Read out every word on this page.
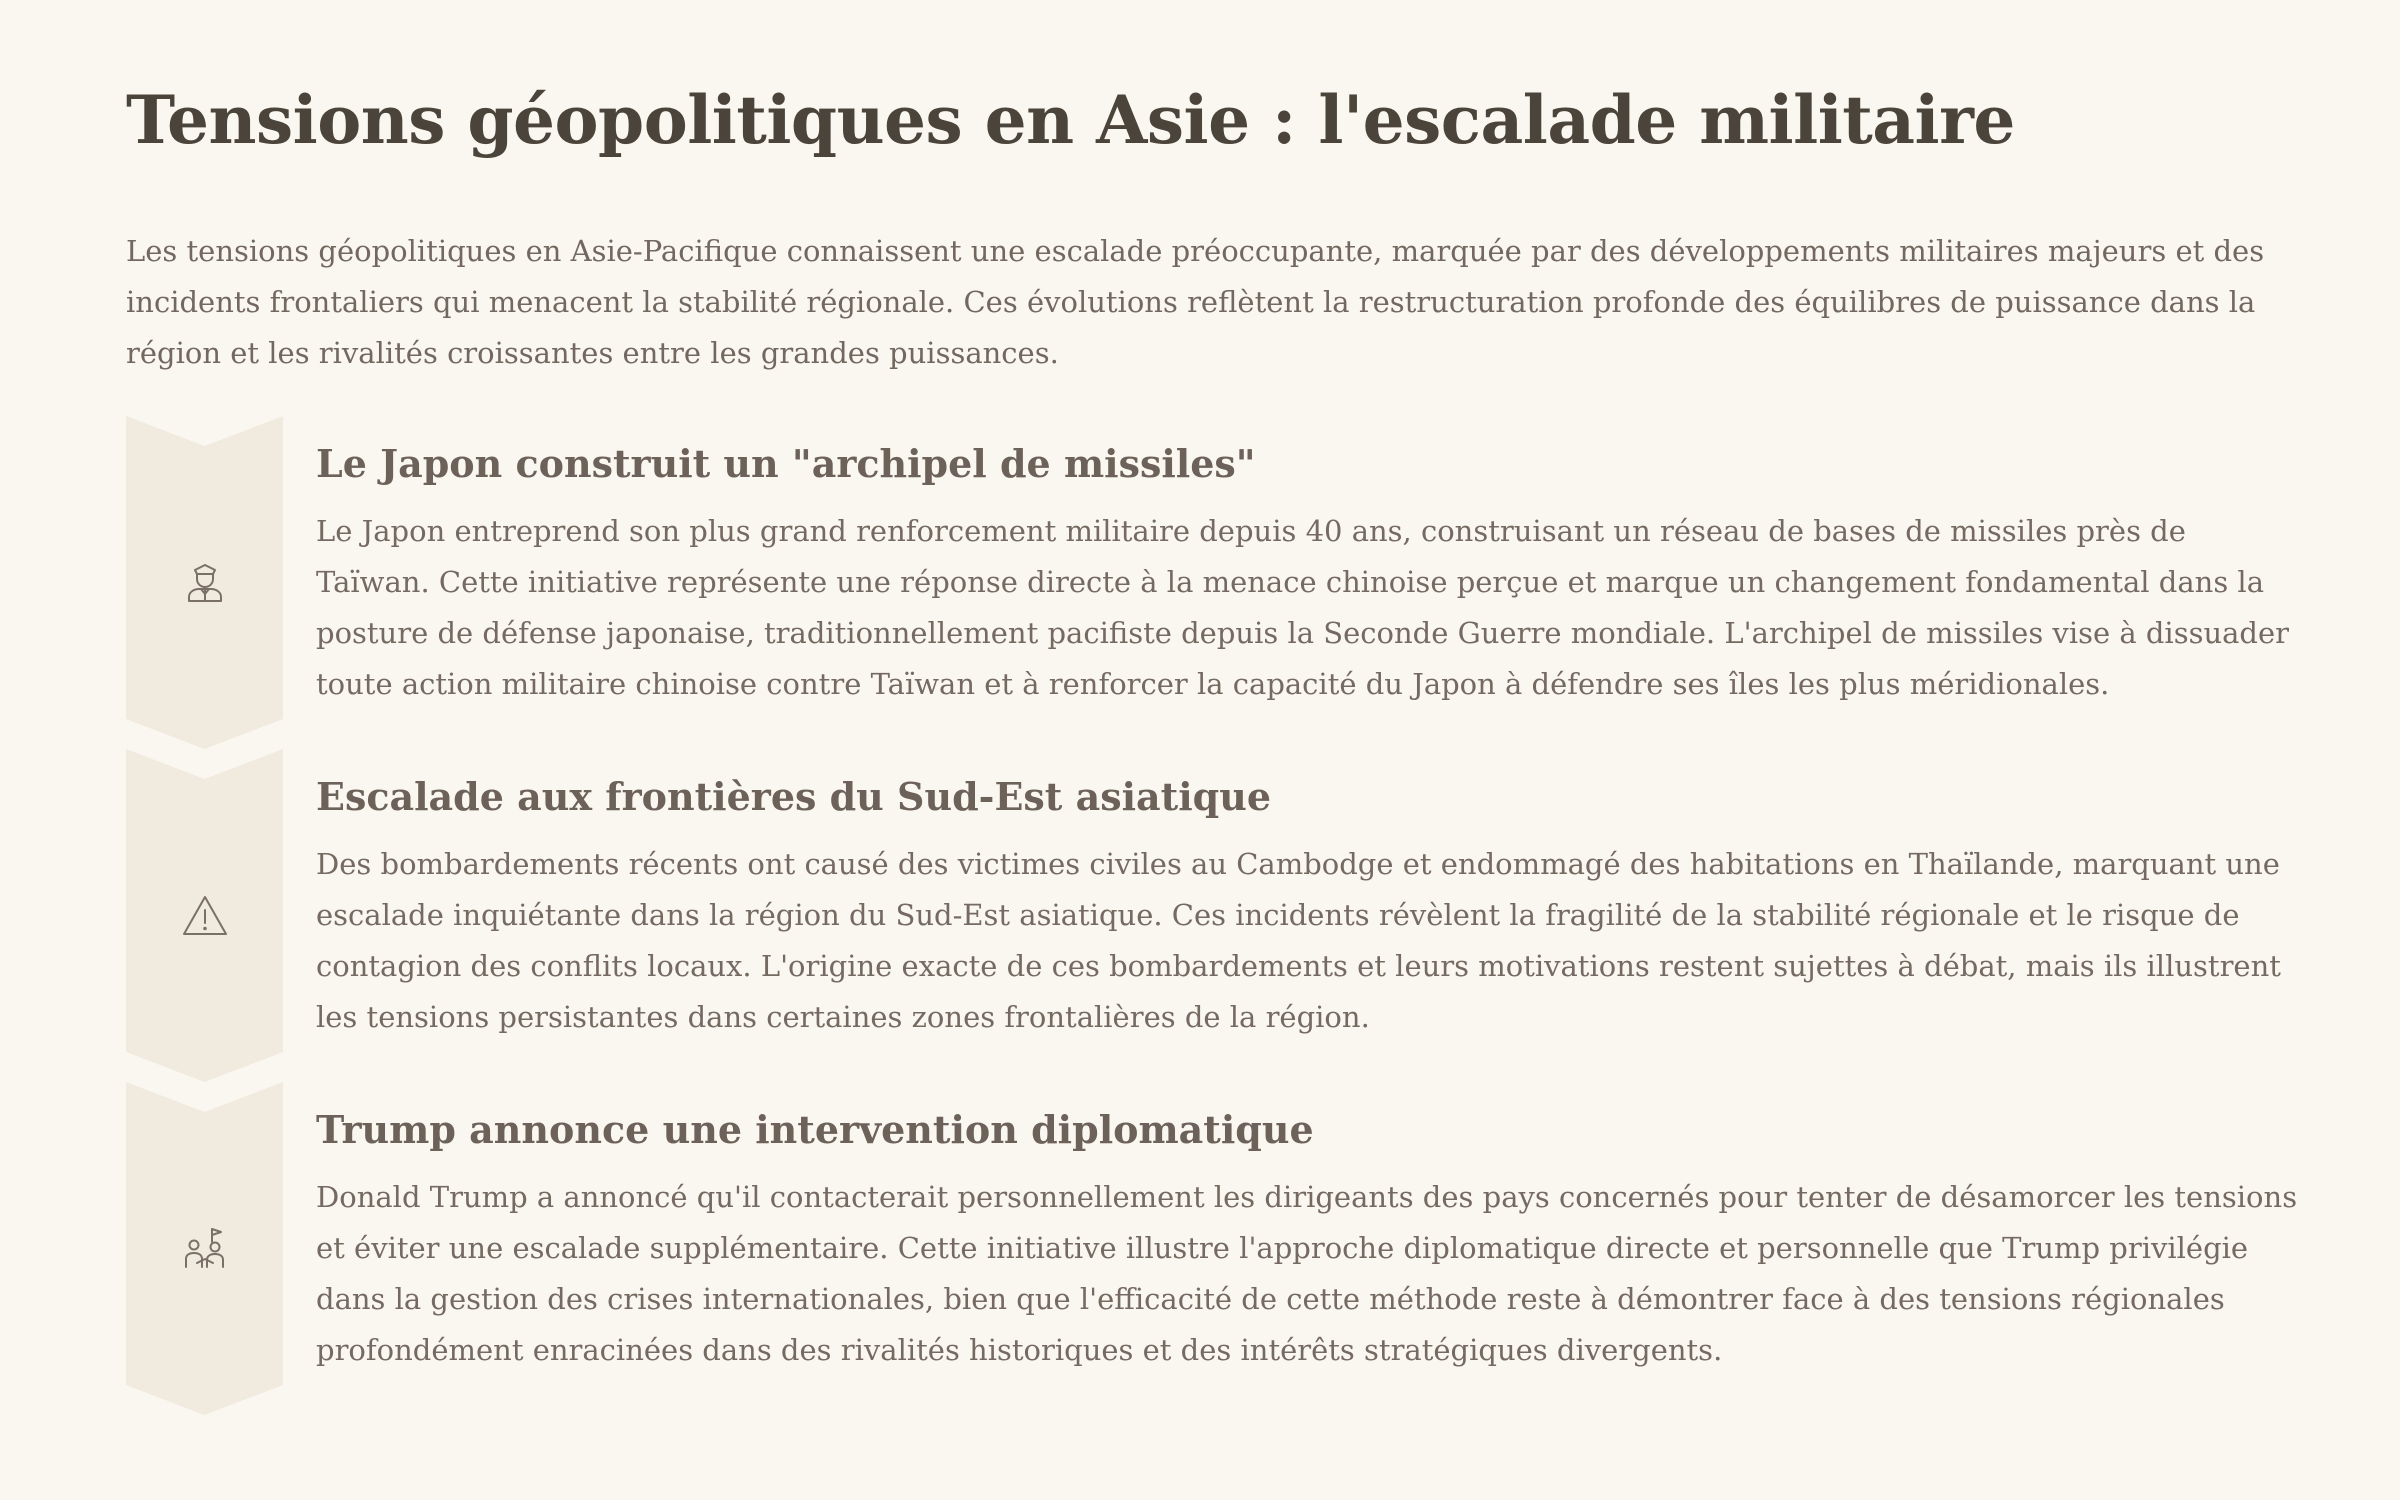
Tensions géopolitiques en Asie : l'escalade militaire

Les tensions géopolitiques en Asie-Pacifique connaissent une escalade préoccupante, marquée par des développements militaires majeurs et des incidents frontaliers qui menacent la stabilité régionale. Ces évolutions reflètent la restructuration profonde des équilibres de puissance dans la région et les rivalités croissantes entre les grandes puissances.

Le Japon construit un "archipel de missiles"

Le Japon entreprend son plus grand renforcement militaire depuis 40 ans, construisant un réseau de bases de missiles près de Taïwan. Cette initiative représente une réponse directe à la menace chinoise perçue et marque un changement fondamental dans la posture de défense japonaise, traditionnellement pacifiste depuis la Seconde Guerre mondiale. L'archipel de missiles vise à dissuader toute action militaire chinoise contre Taïwan et à renforcer la capacité du Japon à défendre ses îles les plus méridionales.

Escalade aux frontières du Sud-Est asiatique

Des bombardements récents ont causé des victimes civiles au Cambodge et endommagé des habitations en Thaïlande, marquant une escalade inquiétante dans la région du Sud-Est asiatique. Ces incidents révèlent la fragilité de la stabilité régionale et le risque de contagion des conflits locaux. L'origine exacte de ces bombardements et leurs motivations restent sujettes à débat, mais ils illustrent les tensions persistantes dans certaines zones frontalières de la région.

Trump annonce une intervention diplomatique

Donald Trump a annoncé qu'il contacterait personnellement les dirigeants des pays concernés pour tenter de désamorcer les tensions et éviter une escalade supplémentaire. Cette initiative illustre l'approche diplomatique directe et personnelle que Trump privilégie dans la gestion des crises internationales, bien que l'efficacité de cette méthode reste à démontrer face à des tensions régionales profondément enracinées dans des rivalités historiques et des intérêts stratégiques divergents.
